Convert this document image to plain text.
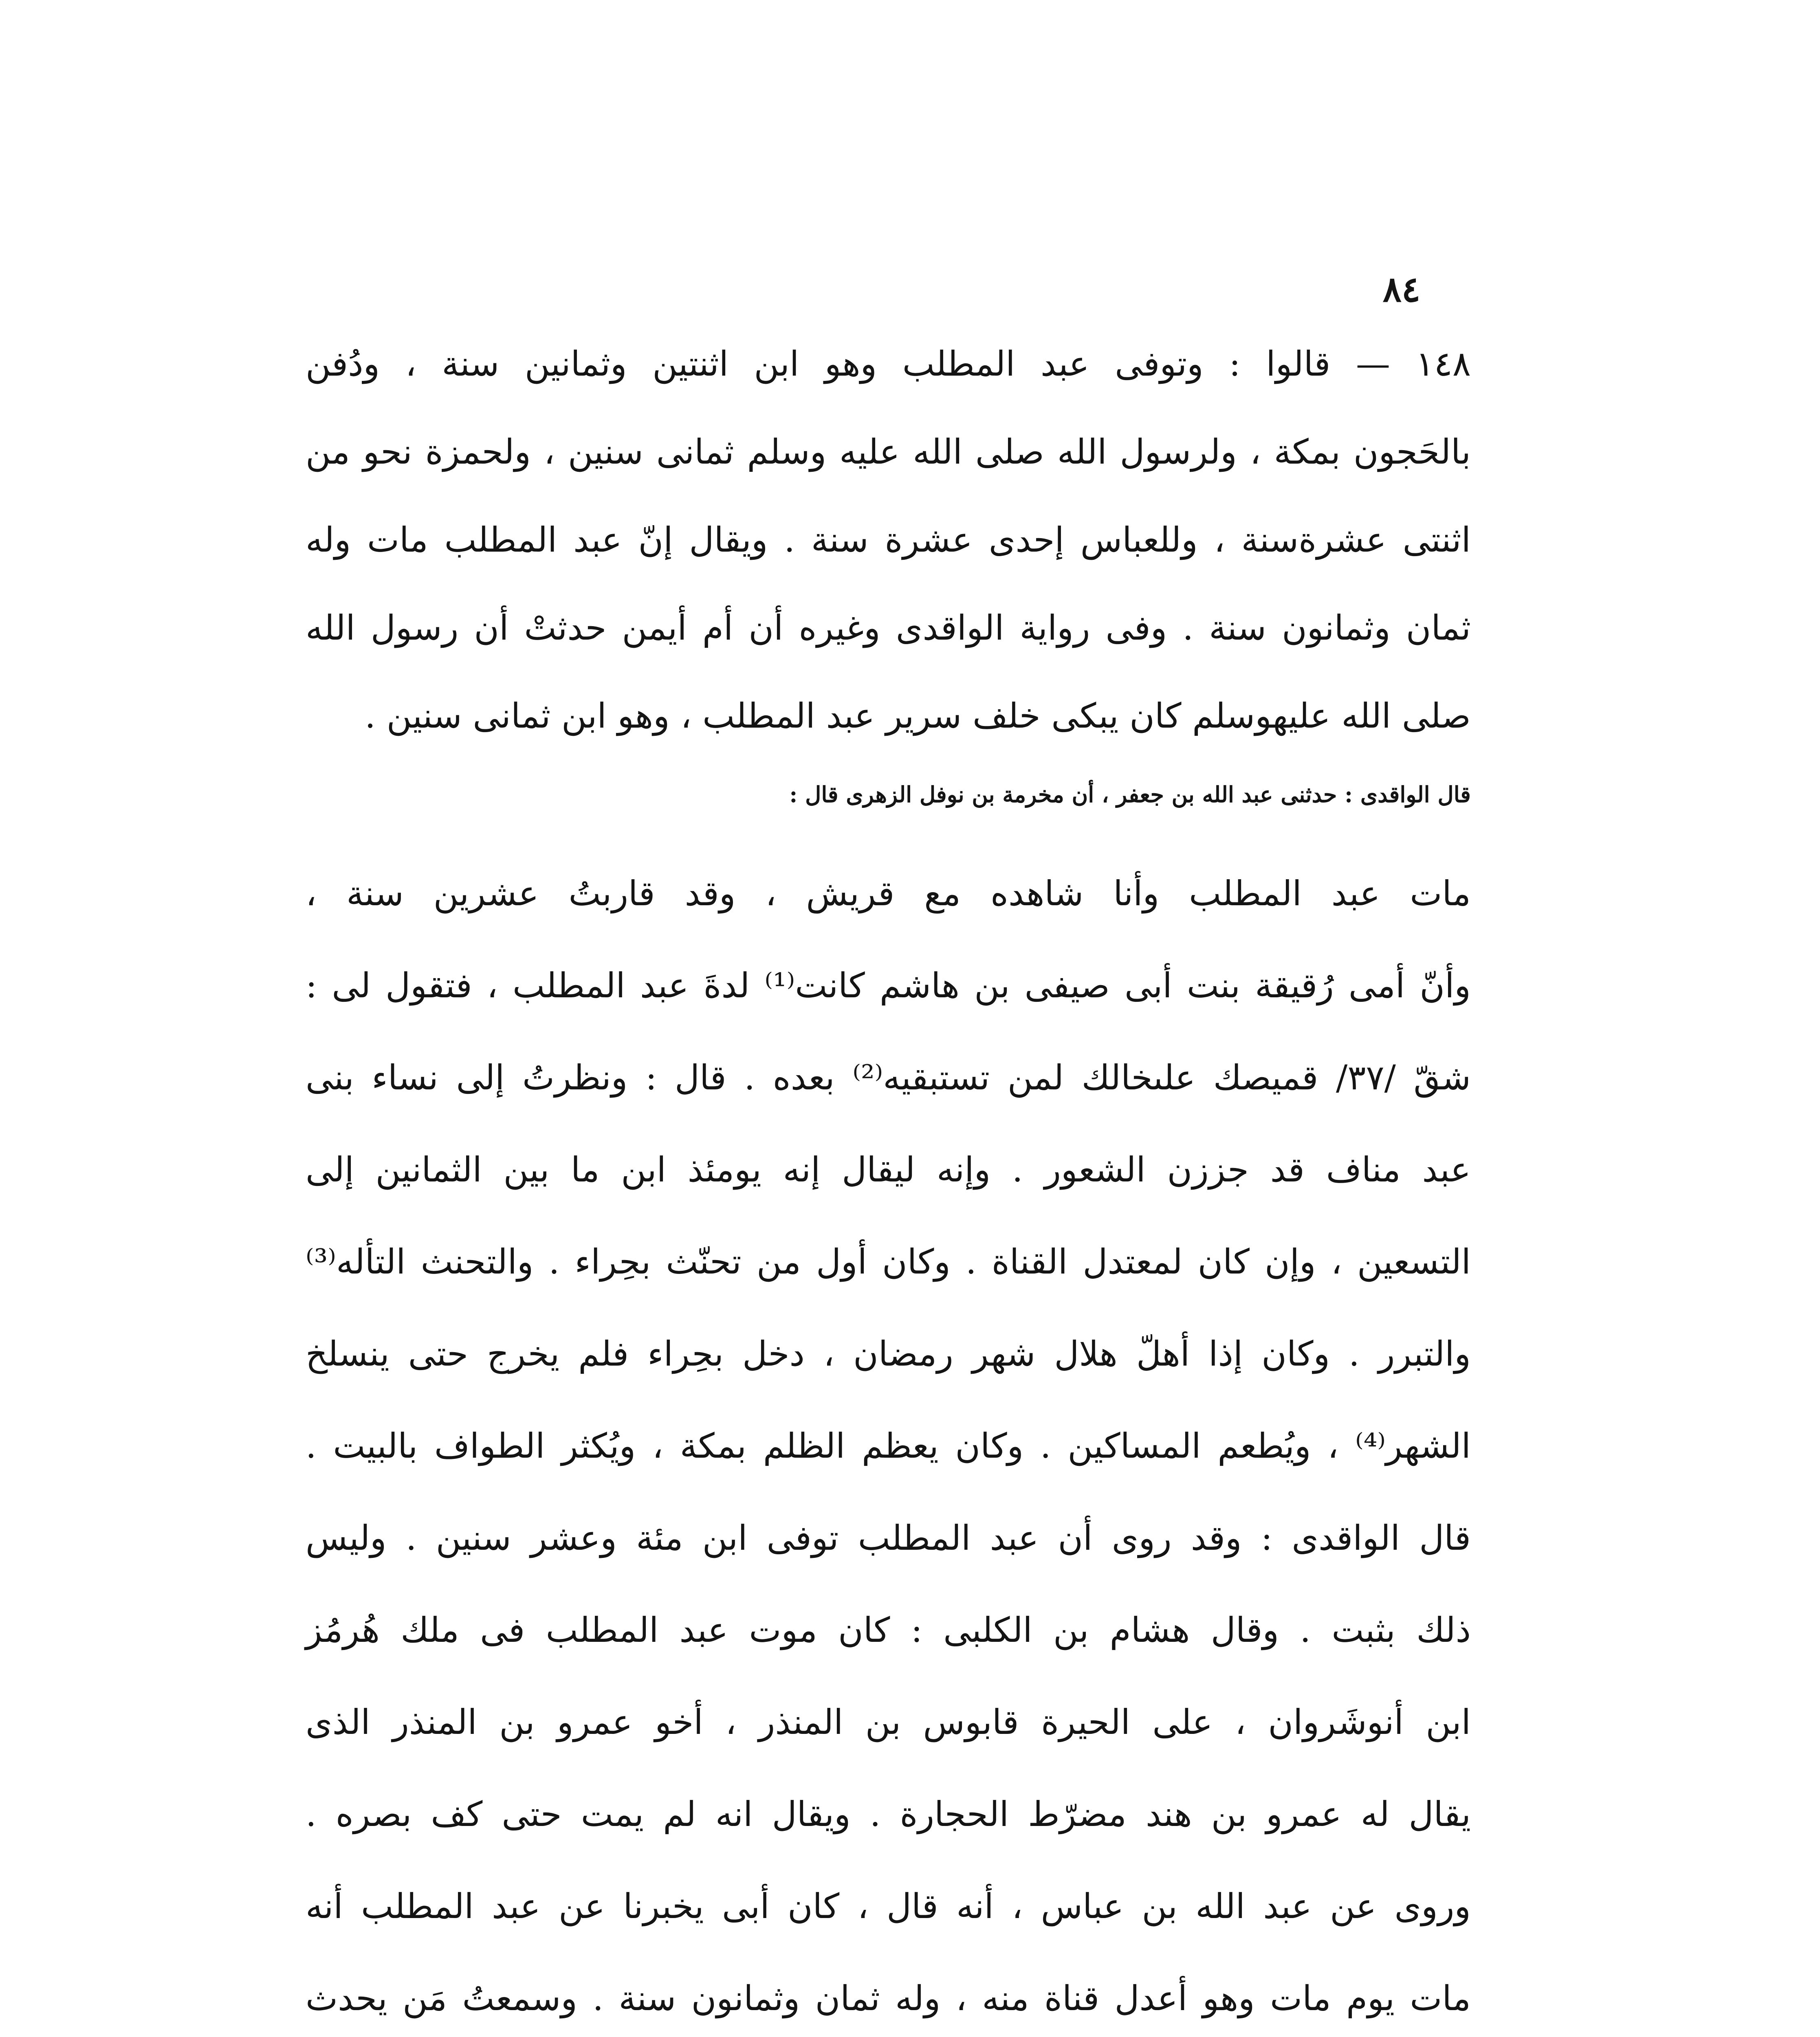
٨٤
١٤٨ — قالوا : وتوفى عبد المطلب وهو ابن اثنتين وثمانين سنة ، ودُفن
بالحَجون بمكة ، ولرسول الله صلى الله عليه وسلم ثمانى سنين ، ولحمزة نحو من
اثنتى عشرةسنة ، وللعباس إحدى عشرة سنة . ويقال إنّ عبد المطلب مات وله
ثمان وثمانون سنة . وفى رواية الواقدى وغيره أن أم أيمن حدثتْ أن رسول الله
صلى الله عليهوسلم كان يبكى خلف سرير عبد المطلب ، وهو ابن ثمانى سنين .
قال الواقدى : حدثنى عبد الله بن جعفر ، أن مخرمة بن نوفل الزهرى قال :
مات عبد المطلب وأنا شاهده مع قريش ، وقد قاربتُ عشرين سنة ،
وأنّ أمى رُقيقة بنت أبى صيفى بن هاشم كانت⁽¹⁾ لدةَ عبد المطلب ، فتقول لى :
شقّ /٣٧/ قميصك علىخالك لمن تستبقيه⁽²⁾ بعده . قال : ونظرتُ إلى نساء بنى
عبد مناف قد جززن الشعور . وإنه ليقال إنه يومئذ ابن ما بين الثمانين إلى
التسعين ، وإن كان لمعتدل القناة . وكان أول من تحنّث بحِراء . والتحنث التأله⁽³⁾
والتبرر . وكان إذا أهلّ هلال شهر رمضان ، دخل بحِراء فلم يخرج حتى ينسلخ
الشهر⁽⁴⁾ ، ويُطعم المساكين . وكان يعظم الظلم بمكة ، ويُكثر الطواف بالبيت .
قال الواقدى : وقد روى أن عبد المطلب توفى ابن مئة وعشر سنين . وليس
ذلك بثبت . وقال هشام بن الكلبى : كان موت عبد المطلب فى ملك هُرمُز
ابن أنوشَروان ، على الحيرة قابوس بن المنذر ، أخو عمرو بن المنذر الذى
يقال له عمرو بن هند مضرّط الحجارة . ويقال انه لم يمت حتى كف بصره .
وروى عن عبد الله بن عباس ، أنه قال ، كان أبى يخبرنا عن عبد المطلب أنه
مات يوم مات وهو أعدل قناة منه ، وله ثمان وثمانون سنة . وسمعتُ مَن يحدث
